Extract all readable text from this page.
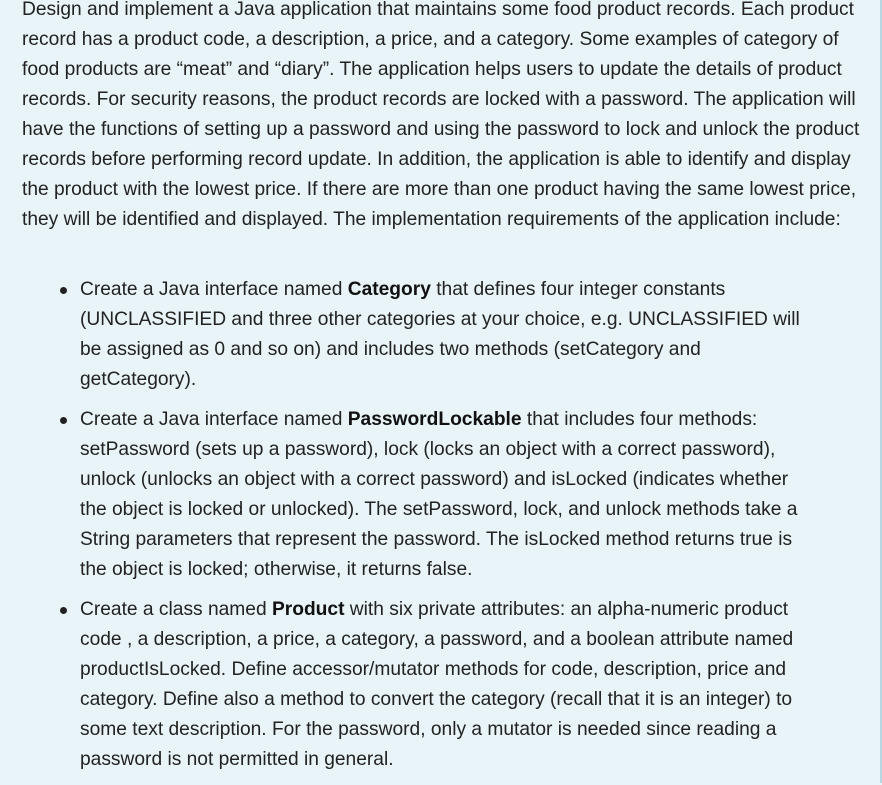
Design and implement a Java application that maintains some food product records. Each product record has a product code, a description, a price, and a category. Some examples of category of food products are “meat” and “diary”. The application helps users to update the details of product records. For security reasons, the product records are locked with a password. The application will have the functions of setting up a password and using the password to lock and unlock the product records before performing record update. In addition, the application is able to identify and display the product with the lowest price. If there are more than one product having the same lowest price, they will be identified and displayed. The implementation requirements of the application include:

Create a Java interface named Category that defines four integer constants (UNCLASSIFIED and three other categories at your choice, e.g. UNCLASSIFIED will be assigned as 0 and so on) and includes two methods (setCategory and getCategory).
Create a Java interface named PasswordLockable that includes four methods: setPassword (sets up a password), lock (locks an object with a correct password), unlock (unlocks an object with a correct password) and isLocked (indicates whether the object is locked or unlocked). The setPassword, lock, and unlock methods take a String parameters that represent the password. The isLocked method returns true is the object is locked; otherwise, it returns false.
Create a class named Product with six private attributes: an alpha-numeric product code , a description, a price, a category, a password, and a boolean attribute named productIsLocked. Define accessor/mutator methods for code, description, price and category. Define also a method to convert the category (recall that it is an integer) to some text description. For the password, only a mutator is needed since reading a password is not permitted in general.
